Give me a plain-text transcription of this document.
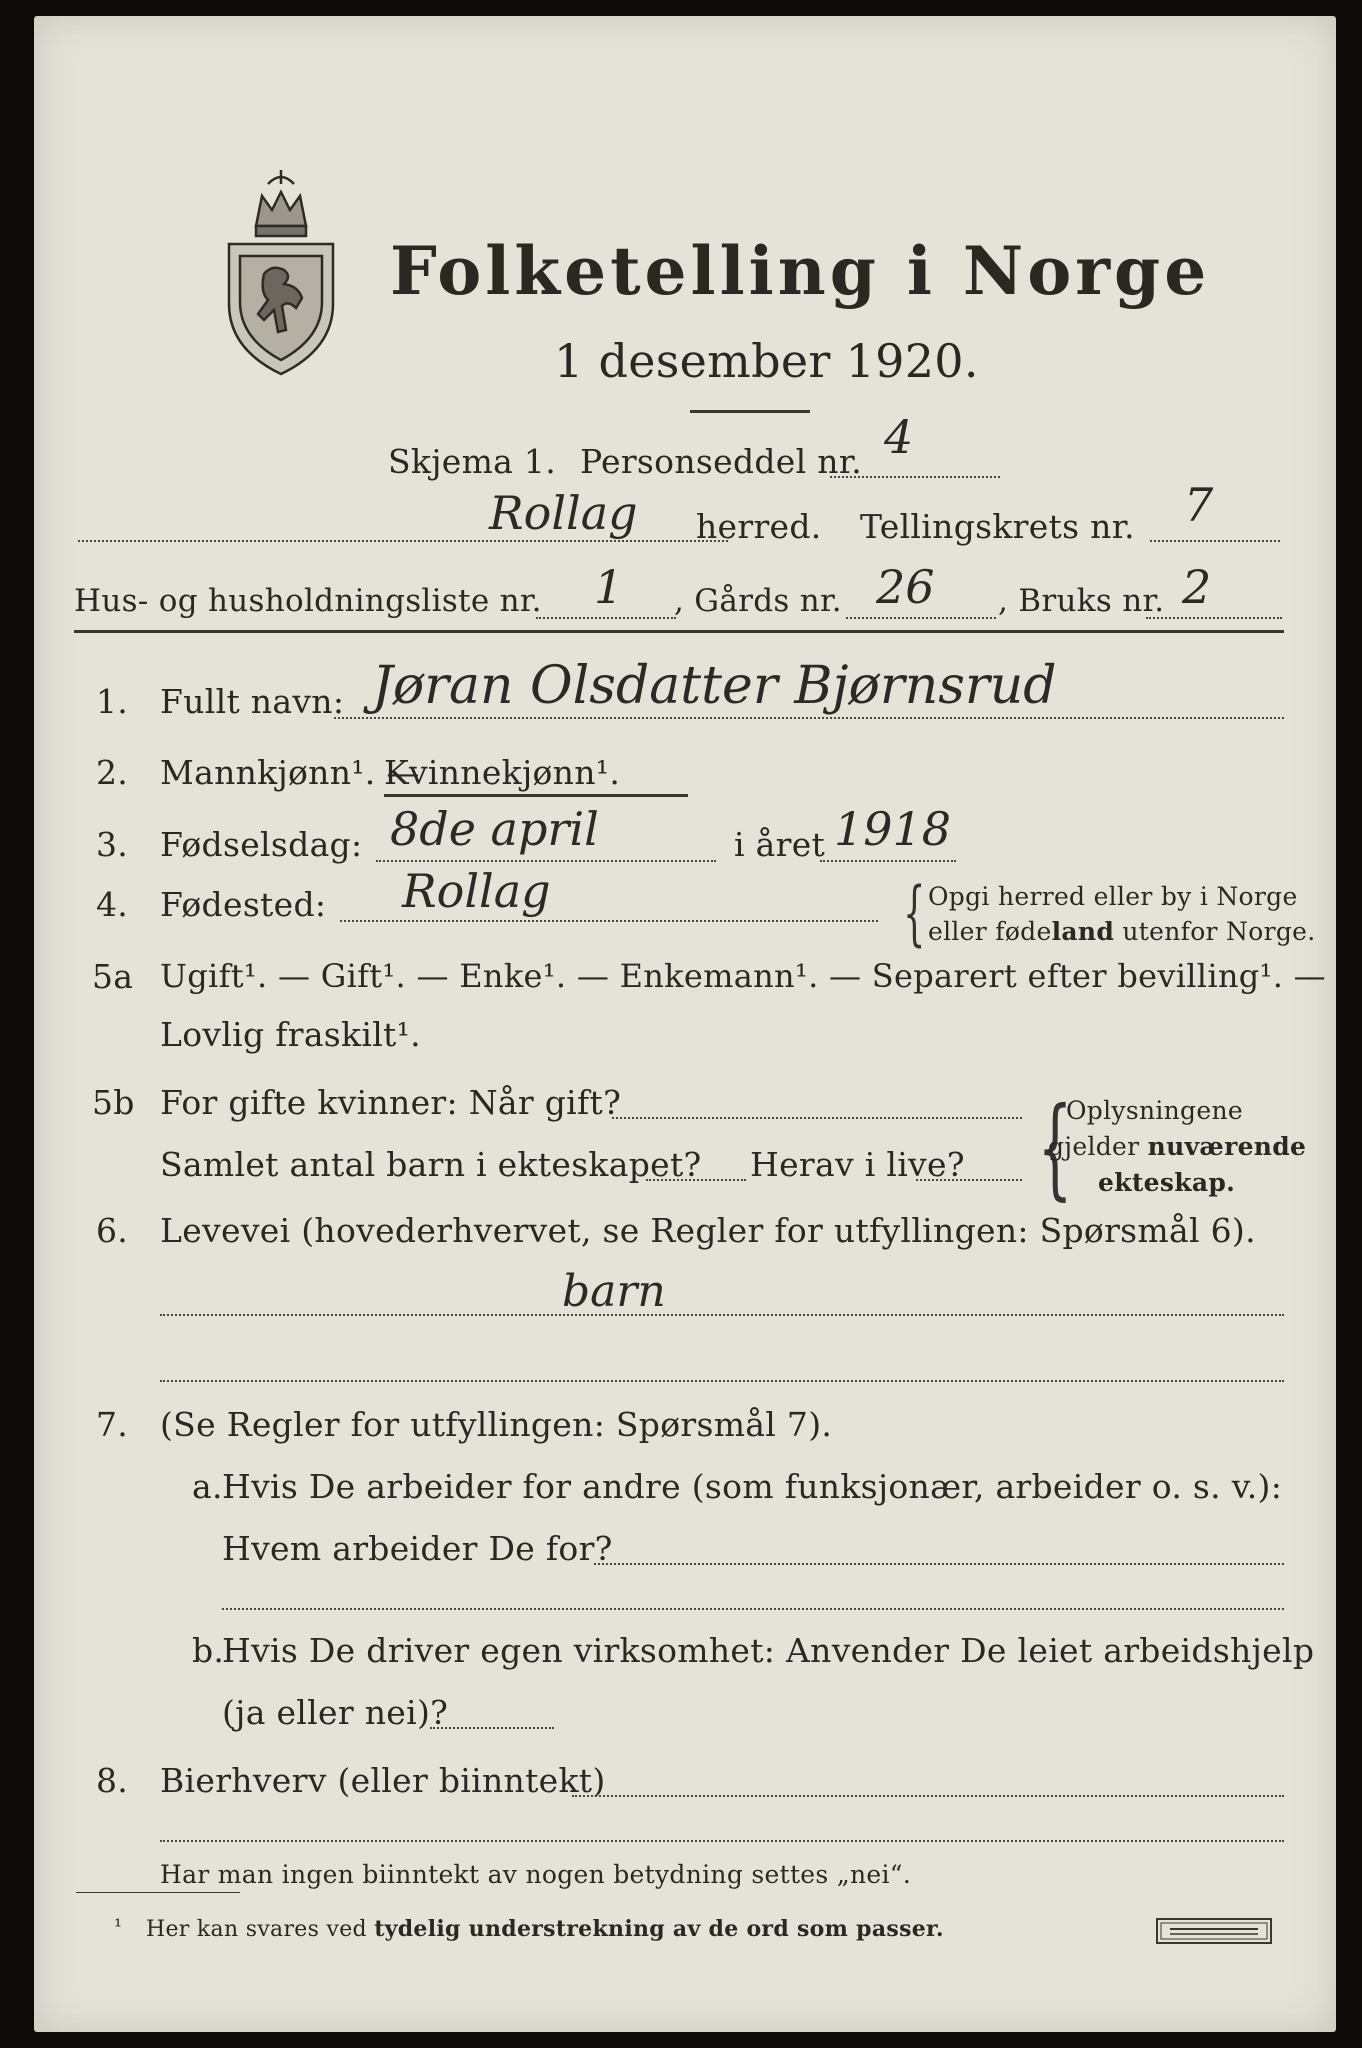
Folketelling i Norge
1 desember 1920.
Skjema 1. Personseddel nr. 4
Rollag herred. Tellingskrets nr. 7
Hus- og husholdningsliste nr. 1 , Gårds nr. 26 , Bruks nr. 2
1. Fullt navn: Jøran Olsdatter Bjørnsrud
2. Mannkjønn¹. —
Kvinnekjønn¹.
3. Fødselsdag: 8de april	i året 1918
4. Fødested: Rollag	{ Opgi herred eller by i Norge
eller fødeland utenfor Norge.
5a Ugift¹. — Gift¹. — Enke¹. — Enkemann¹. — Separert efter bevilling¹. —
Lovlig fraskilt¹.
5b For gifte kvinner: Når gift?
Samlet antal barn i ekteskapet? Herav i live? {
Oplysningene
gjelder nuværende
ekteskap.
6. Levevei (hovederhvervet, se Regler for utfyllingen: Spørsmål 6).
barn
7. (Se Regler for utfyllingen: Spørsmål 7).
a. Hvis De arbeider for andre (som funksjonær, arbeider o. s. v.):
Hvem arbeider De for?
b.
Hvis De driver egen virksomhet: Anvender De leiet arbeidshjelp
(ja eller nei)?
8. Bierhverv (eller biinntekt)
Har man ingen biinntekt av nogen betydning settes „nei“.
¹ Her kan svares ved tydelig understrekning av de ord som passer.
